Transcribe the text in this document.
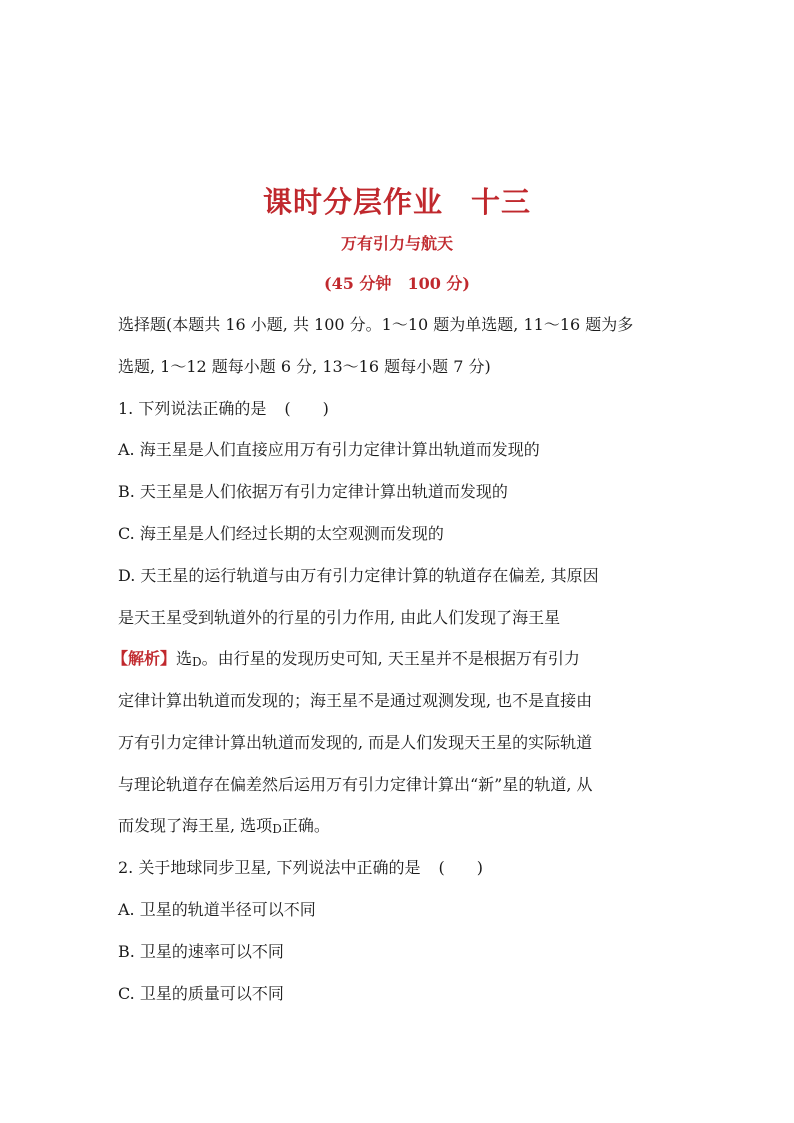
课时分层作业 十三
万有引力与航天
(45 分钟 100 分)
选择题(本题共 16 小题, 共 100 分。1～10 题为单选题, 11～16 题为多
选题, 1～12 题每小题 6 分, 13～16 题每小题 7 分)
1. 下列说法正确的是 (　　)
A. 海王星是人们直接应用万有引力定律计算出轨道而发现的
B. 天王星是人们依据万有引力定律计算出轨道而发现的
C. 海王星是人们经过长期的太空观测而发现的
D. 天王星的运行轨道与由万有引力定律计算的轨道存在偏差, 其原因
是天王星受到轨道外的行星的引力作用, 由此人们发现了海王星
【解析】选D。由行星的发现历史可知, 天王星并不是根据万有引力
定律计算出轨道而发现的；海王星不是通过观测发现, 也不是直接由
万有引力定律计算出轨道而发现的, 而是人们发现天王星的实际轨道
与理论轨道存在偏差然后运用万有引力定律计算出“新”星的轨道, 从
而发现了海王星, 选项D正确。
2. 关于地球同步卫星, 下列说法中正确的是 (　　)
A. 卫星的轨道半径可以不同
B. 卫星的速率可以不同
C. 卫星的质量可以不同
